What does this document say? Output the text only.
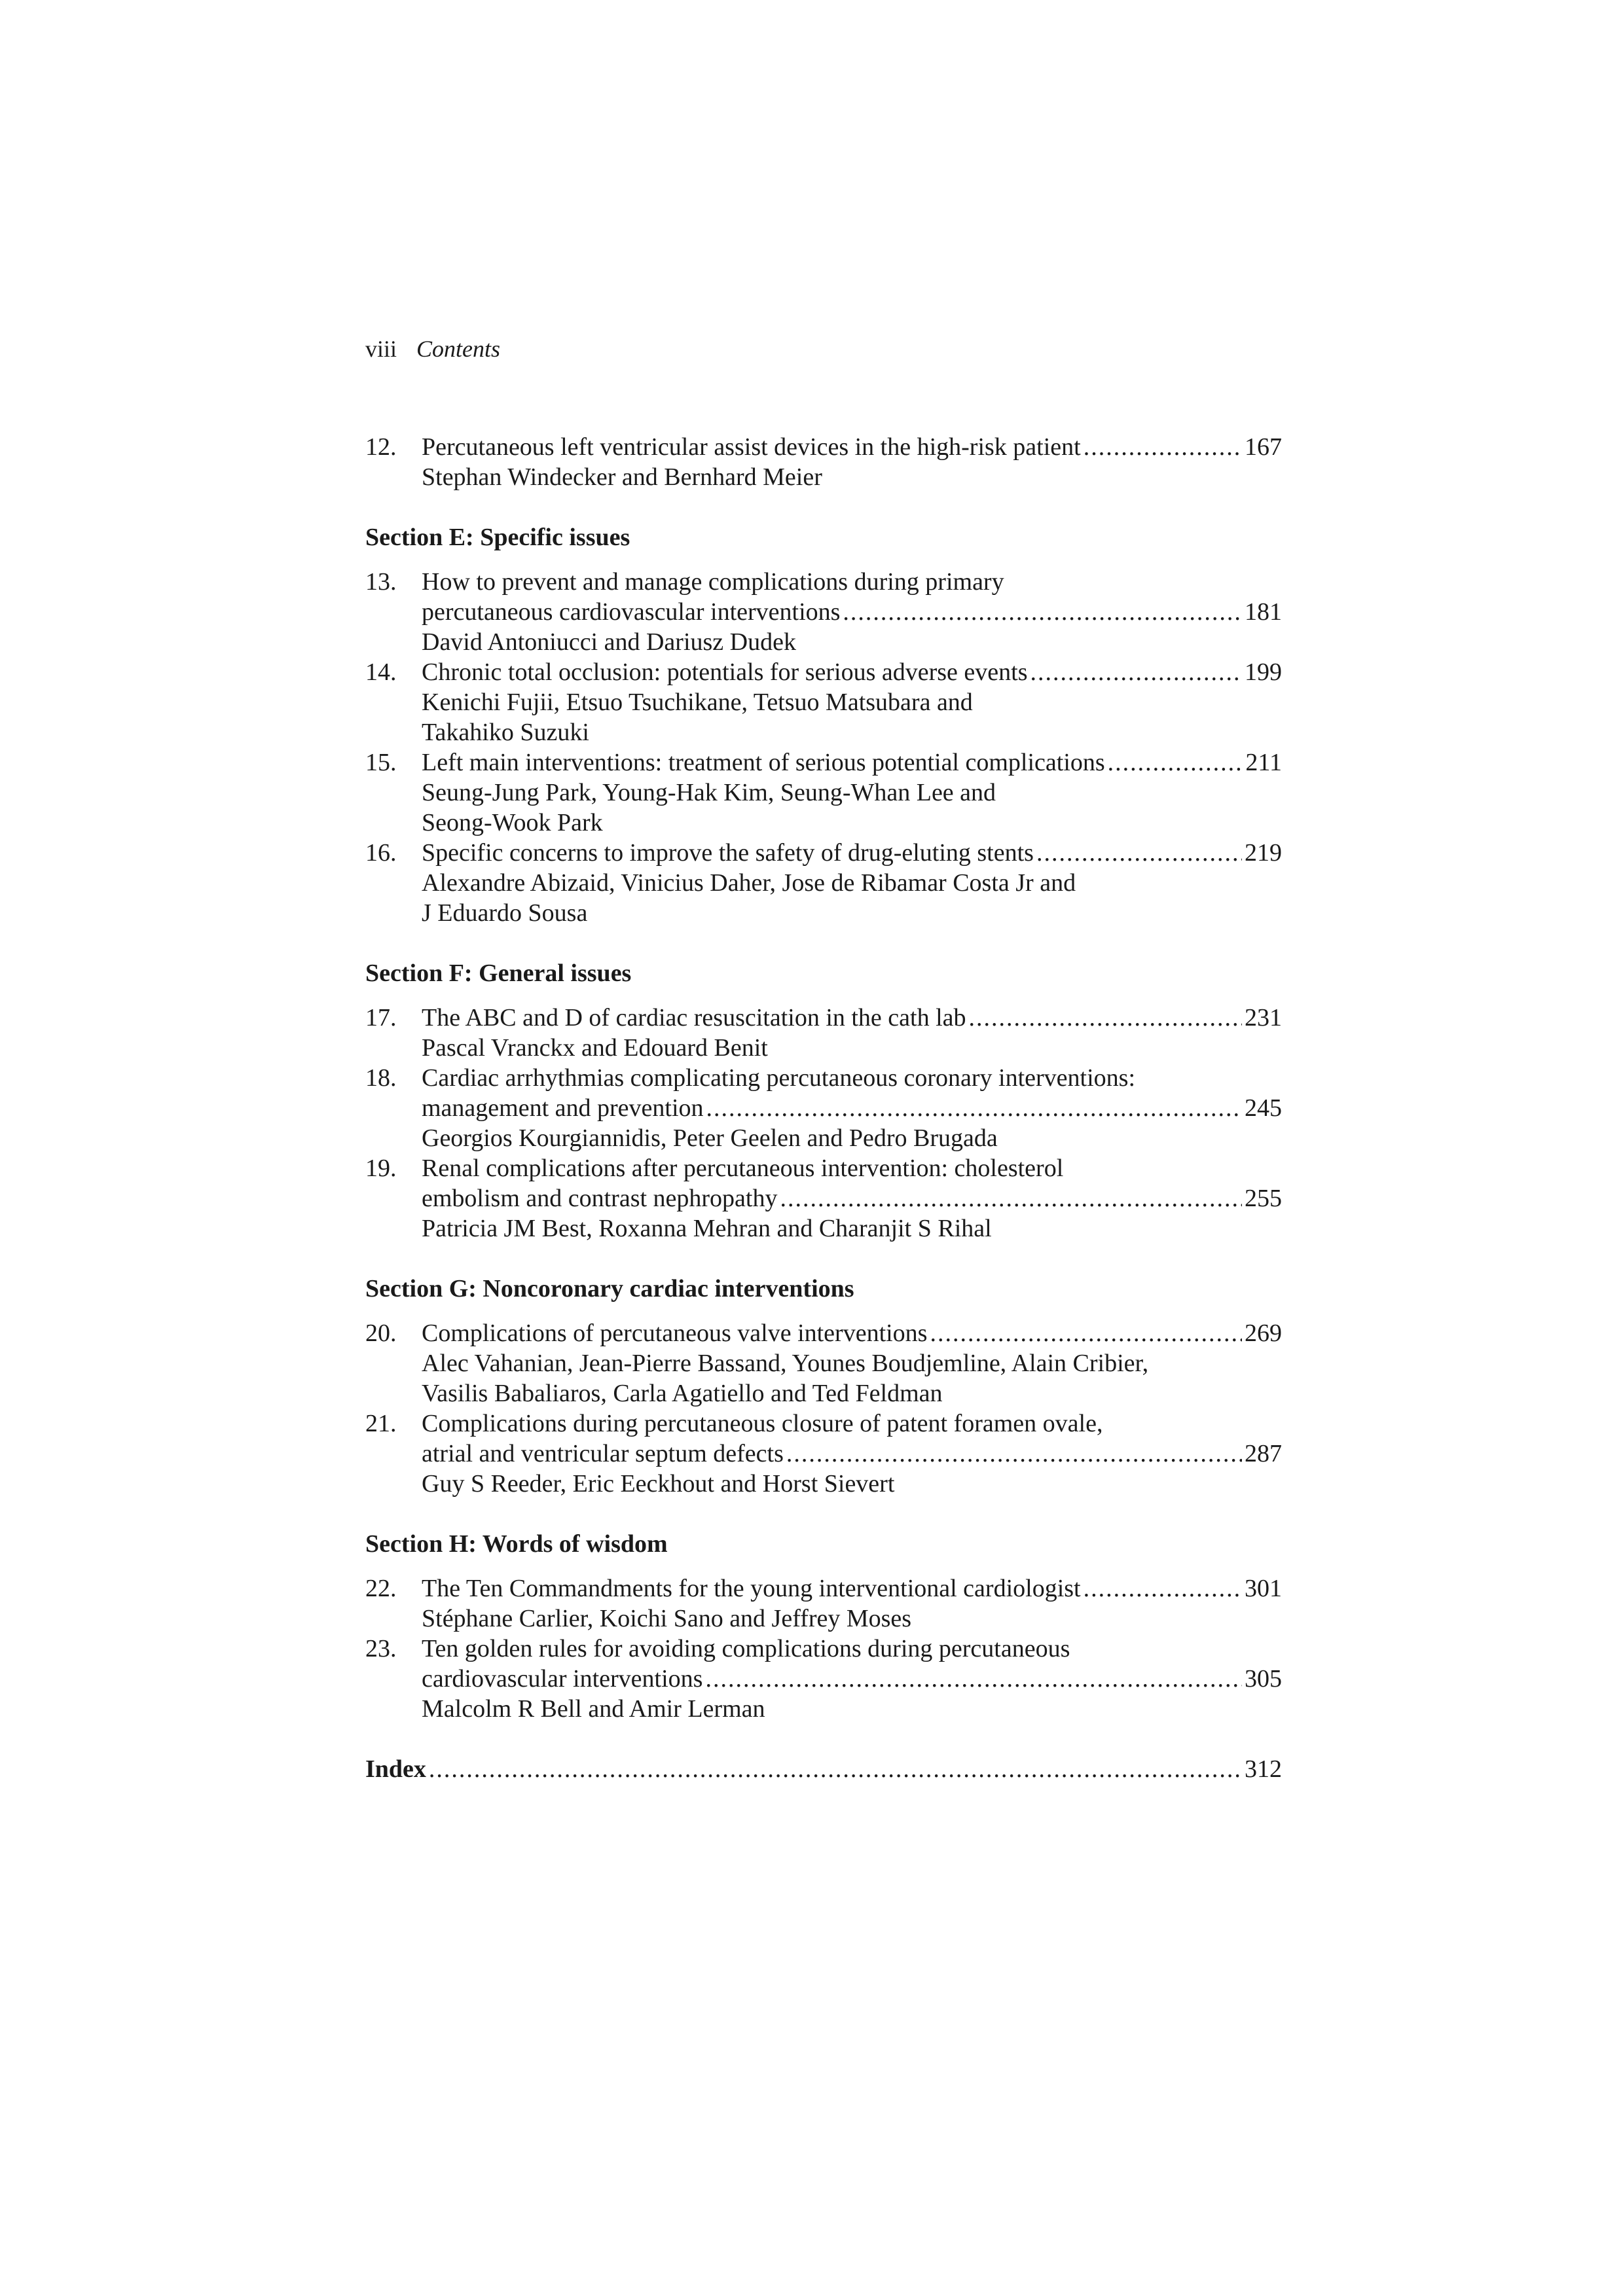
viii Contents
12.	Percutaneous left ventricular assist devices in the high-risk patient .....	167
Stephan Windecker and Bernhard Meier
Section E: Specific issues
13.	How to prevent and manage complications during primary
percutaneous cardiovascular interventions .....	181
David Antoniucci and Dariusz Dudek
14.	Chronic total occlusion: potentials for serious adverse events .....	199
Kenichi Fujii, Etsuo Tsuchikane, Tetsuo Matsubara and
Takahiko Suzuki
15.	Left main interventions: treatment of serious potential complications .....	211
Seung-Jung Park, Young-Hak Kim, Seung-Whan Lee and
Seong-Wook Park
16.	Specific concerns to improve the safety of drug-eluting stents .....	219
Alexandre Abizaid, Vinicius Daher, Jose de Ribamar Costa Jr and
J Eduardo Sousa
Section F: General issues
17.	The ABC and D of cardiac resuscitation in the cath lab .....	231
Pascal Vranckx and Edouard Benit
18.	Cardiac arrhythmias complicating percutaneous coronary interventions:
management and prevention .....	245
Georgios Kourgiannidis, Peter Geelen and Pedro Brugada
19.	Renal complications after percutaneous intervention: cholesterol
embolism and contrast nephropathy .....	255
Patricia JM Best, Roxanna Mehran and Charanjit S Rihal
Section G: Noncoronary cardiac interventions
20.	Complications of percutaneous valve interventions .....	269
Alec Vahanian, Jean-Pierre Bassand, Younes Boudjemline, Alain Cribier,
Vasilis Babaliaros, Carla Agatiello and Ted Feldman
21.	Complications during percutaneous closure of patent foramen ovale,
atrial and ventricular septum defects .....	287
Guy S Reeder, Eric Eeckhout and Horst Sievert
Section H: Words of wisdom
22.	The Ten Commandments for the young interventional cardiologist .....	301
Stéphane Carlier, Koichi Sano and Jeffrey Moses
23.	Ten golden rules for avoiding complications during percutaneous
cardiovascular interventions .....	305
Malcolm R Bell and Amir Lerman
Index .....	312
